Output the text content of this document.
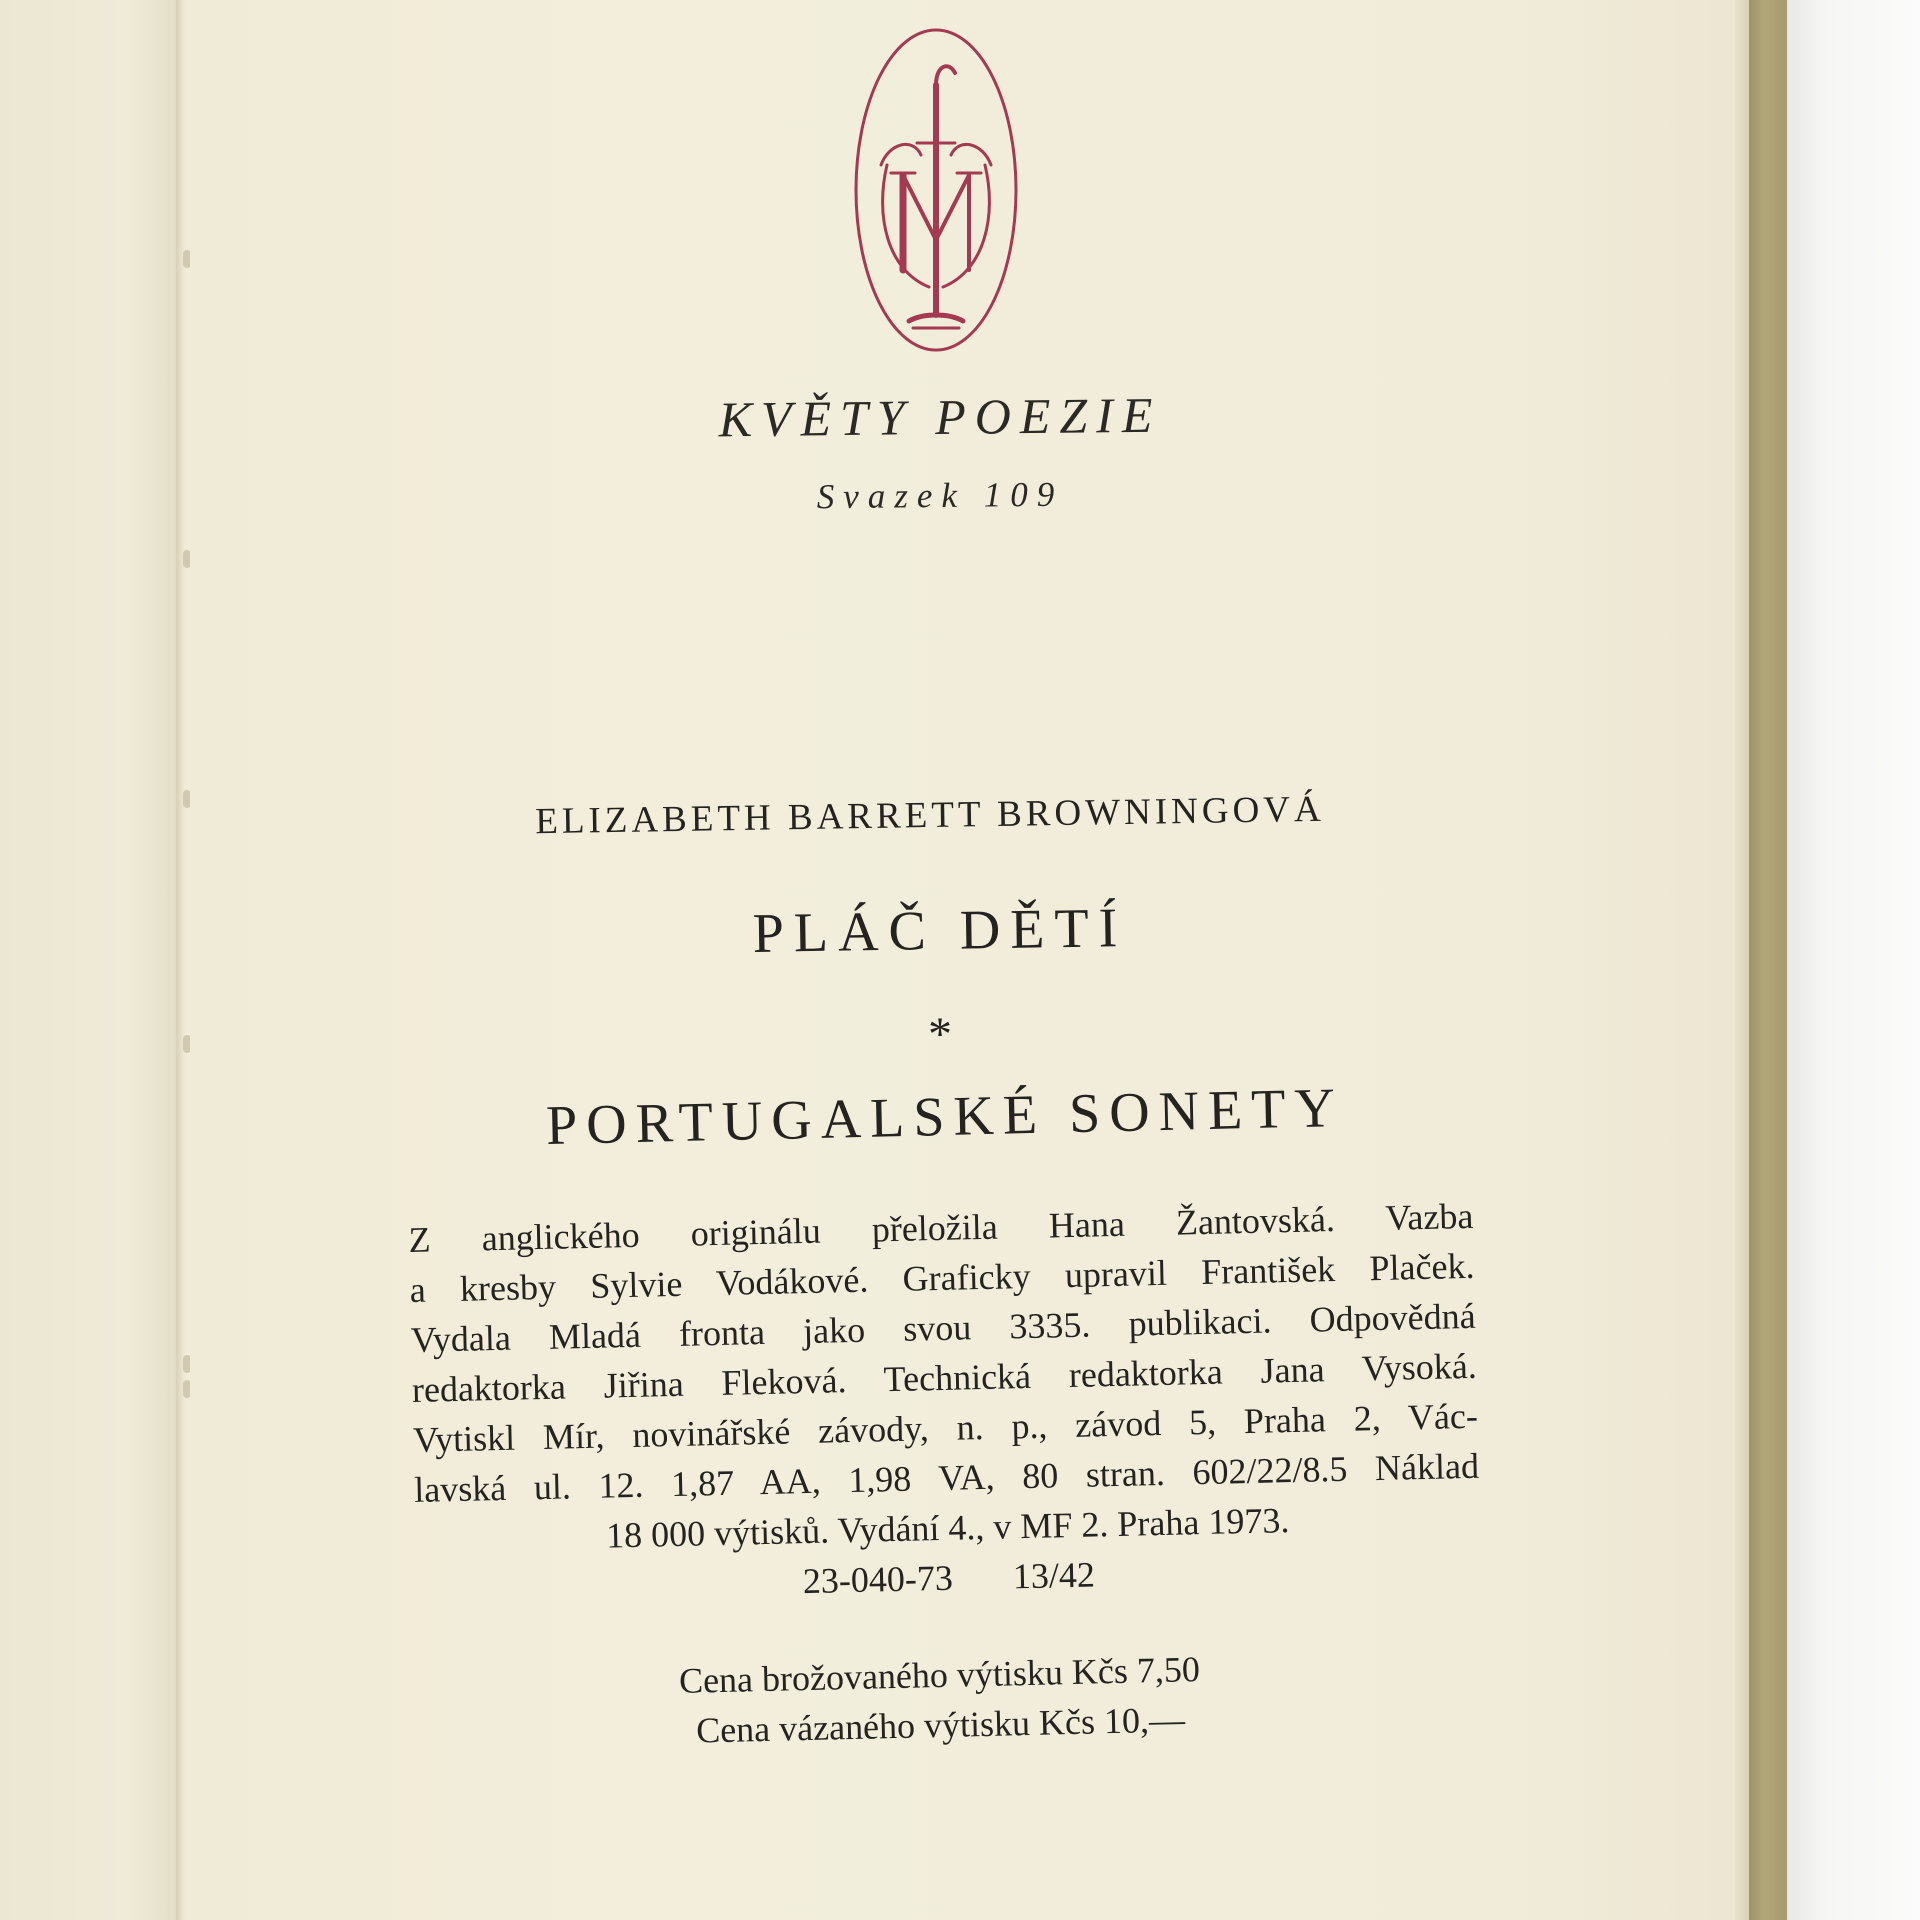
KVĚTY POEZIE
Svazek 109
ELIZABETH BARRETT BROWNINGOVÁ
PLÁČ DĚTÍ
*
PORTUGALSKÉ SONETY
Z anglického originálu přeložila Hana Žantovská. Vazba
a kresby Sylvie Vodákové. Graficky upravil František Plaček.
Vydala Mladá fronta jako svou 3335. publikaci. Odpovědná
redaktorka Jiřina Fleková. Technická redaktorka Jana Vysoká.
Vytiskl Mír, novinářské závody, n. p., závod 5, Praha 2, Vác-
lavská ul. 12. 1,87 AA, 1,98 VA, 80 stran. 602/22/8.5 Náklad
18 000 výtisků. Vydání 4., v MF 2. Praha 1973.
23-040-73 13/42
Cena brožovaného výtisku Kčs 7,50
Cena vázaného výtisku Kčs 10,—
